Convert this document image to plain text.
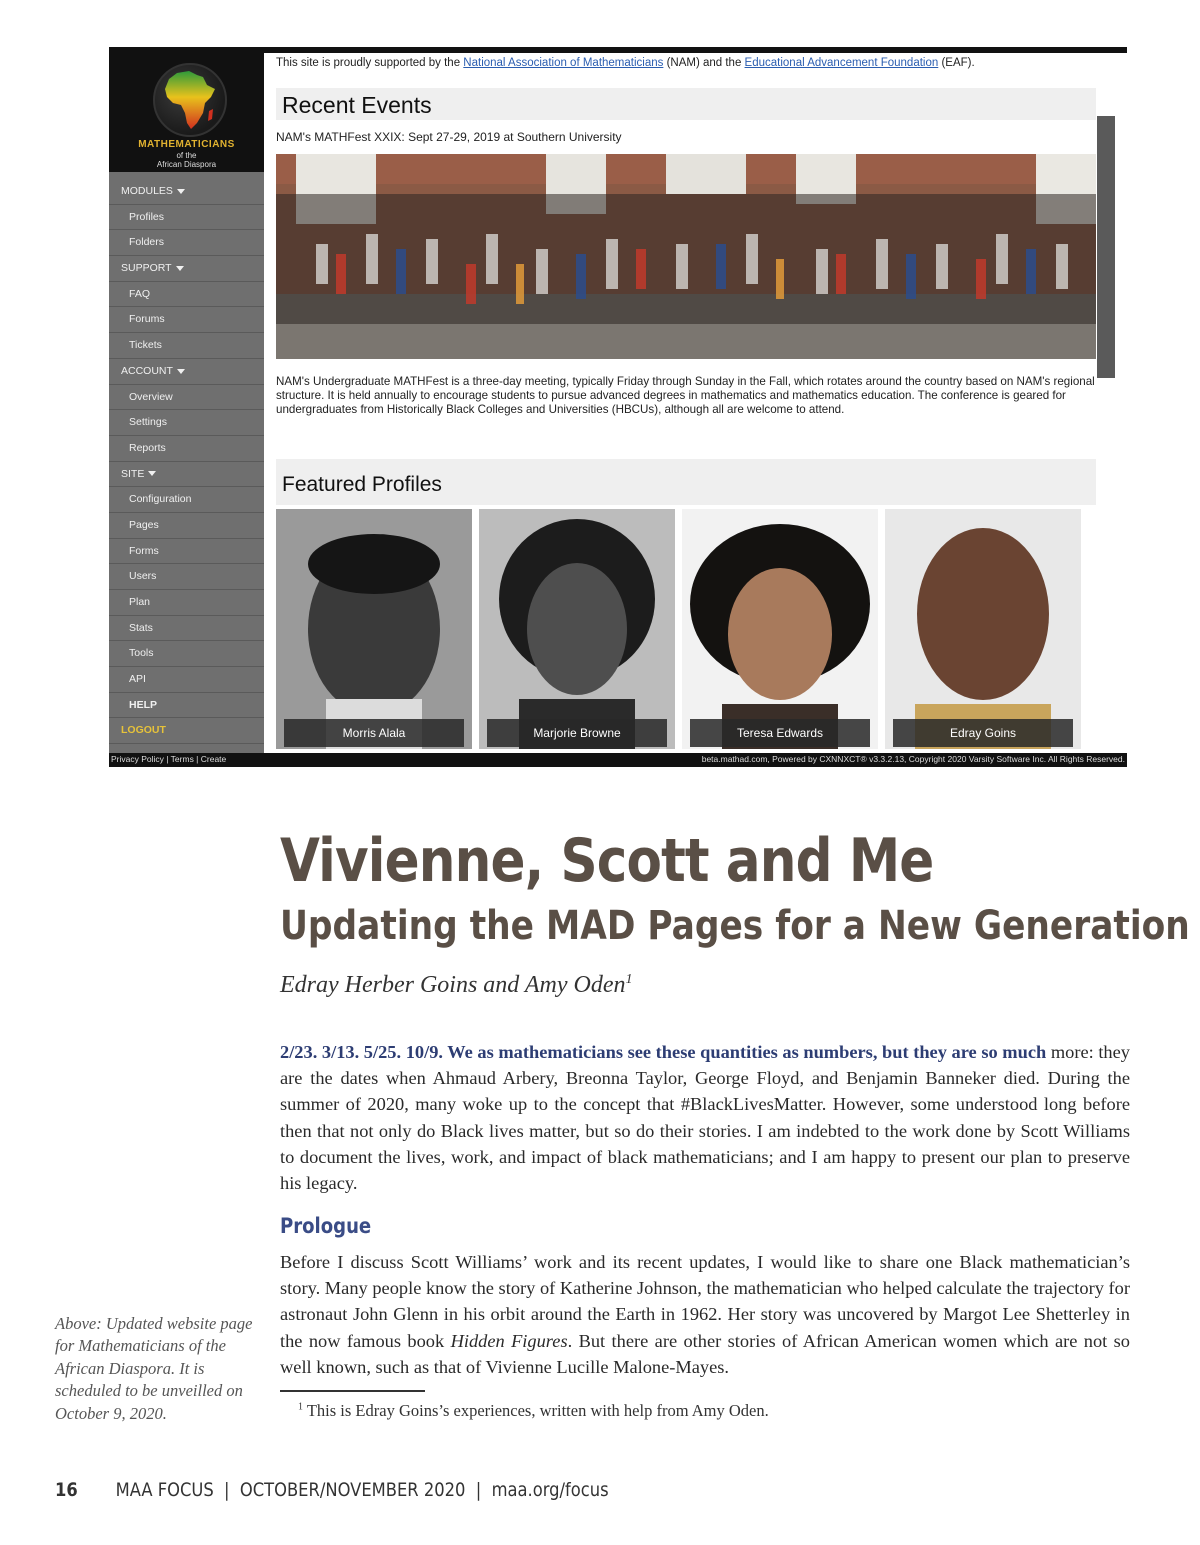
MATHEMATICIANS
of the
African Diaspora
MODULES
Profiles
Folders
SUPPORT
FAQ
Forums
Tickets
ACCOUNT
Overview
Settings
Reports
SITE
Configuration
Pages
Forms
Users
Plan
Stats
Tools
API
HELP
LOGOUT
This site is proudly supported by the National Association of Mathematicians (NAM) and the Educational Advancement Foundation (EAF).
Recent Events
NAM's MATHFest XXIX: Sept 27-29, 2019 at Southern University
NAM's Undergraduate MATHFest is a three-day meeting, typically Friday through Sunday in the Fall, which rotates around the country based on NAM's regional structure. It is held annually to encourage students to pursue advanced degrees in mathematics and mathematics education. The conference is geared for undergraduates from Historically Black Colleges and Universities (HBCUs), although all are welcome to attend.
Featured Profiles
Morris Alala	Marjorie Browne	Teresa Edwards	Edray Goins
Privacy Policy | Terms | Create	beta.mathad.com, Powered by CXNNXCT® v3.3.2.13, Copyright 2020 Varsity Software Inc. All Rights Reserved.
Vivienne, Scott and Me
Updating the MAD Pages for a New Generation
Edray Herber Goins and Amy Oden$^1$
2/23. 3/13. 5/25. 10/9. We as mathematicians see these quantities as numbers, but they are so much more: they are the dates when Ahmaud Arbery, Breonna Taylor, George Floyd, and Benjamin Banneker died. During the summer of 2020, many woke up to the concept that #BlackLivesMatter. However, some understood long before then that not only do Black lives matter, but so do their stories. I am indebted to the work done by Scott Williams to document the lives, work, and impact of black mathematicians; and I am happy to present our plan to preserve his legacy.
Prologue
Before I discuss Scott Williams’ work and its recent updates, I would like to share one Black mathematician’s story. Many people know the story of Katherine Johnson, the mathematician who helped calculate the trajectory for astronaut John Glenn in his orbit around the Earth in 1962. Her story was uncovered by Margot Lee Shetterley in the now famous book Hidden Figures. But there are other stories of African American women which are not so well known, such as that of Vivienne Lucille Malone-Mayes.
Above: Updated website page for Mathematicians of the African Diaspora. It is scheduled to be unveilled on October 9, 2020.	$^1$ This is Edray Goins’s experiences, written with help from Amy Oden.
16 MAA FOCUS | OCTOBER/NOVEMBER 2020 | maa.org/focus
